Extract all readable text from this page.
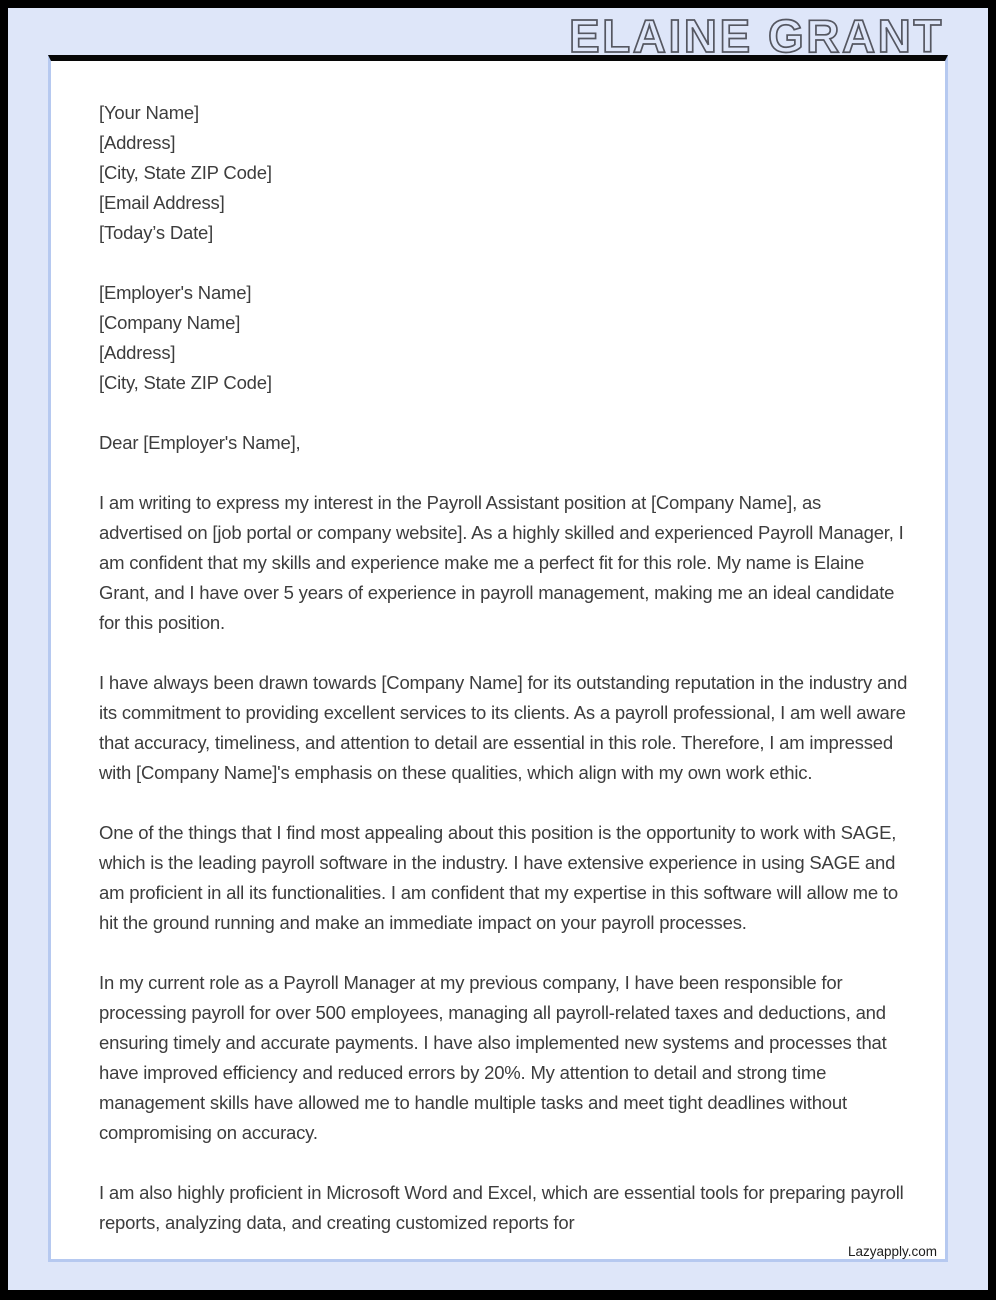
ELAINE GRANT
[Your Name]
[Address]
[City, State ZIP Code]
[Email Address]
[Today’s Date]
[Employer's Name]
[Company Name]
[Address]
[City, State ZIP Code]
Dear [Employer's Name],

I am writing to express my interest in the Payroll Assistant position at [Company Name], as advertised on [job portal or company website]. As a highly skilled and experienced Payroll Manager, I am confident that my skills and experience make me a perfect fit for this role. My name is Elaine Grant, and I have over 5 years of experience in payroll management, making me an ideal candidate for this position.

I have always been drawn towards [Company Name] for its outstanding reputation in the industry and its commitment to providing excellent services to its clients. As a payroll professional, I am well aware that accuracy, timeliness, and attention to detail are essential in this role. Therefore, I am impressed with [Company Name]'s emphasis on these qualities, which align with my own work ethic.

One of the things that I find most appealing about this position is the opportunity to work with SAGE, which is the leading payroll software in the industry. I have extensive experience in using SAGE and am proficient in all its functionalities. I am confident that my expertise in this software will allow me to hit the ground running and make an immediate impact on your payroll processes.

In my current role as a Payroll Manager at my previous company, I have been responsible for processing payroll for over 500 employees, managing all payroll-related taxes and deductions, and ensuring timely and accurate payments. I have also implemented new systems and processes that have improved efficiency and reduced errors by 20%. My attention to detail and strong time management skills have allowed me to handle multiple tasks and meet tight deadlines without compromising on accuracy.

I am also highly proficient in Microsoft Word and Excel, which are essential tools for preparing payroll reports, analyzing data, and creating customized reports for

Lazyapply.com
